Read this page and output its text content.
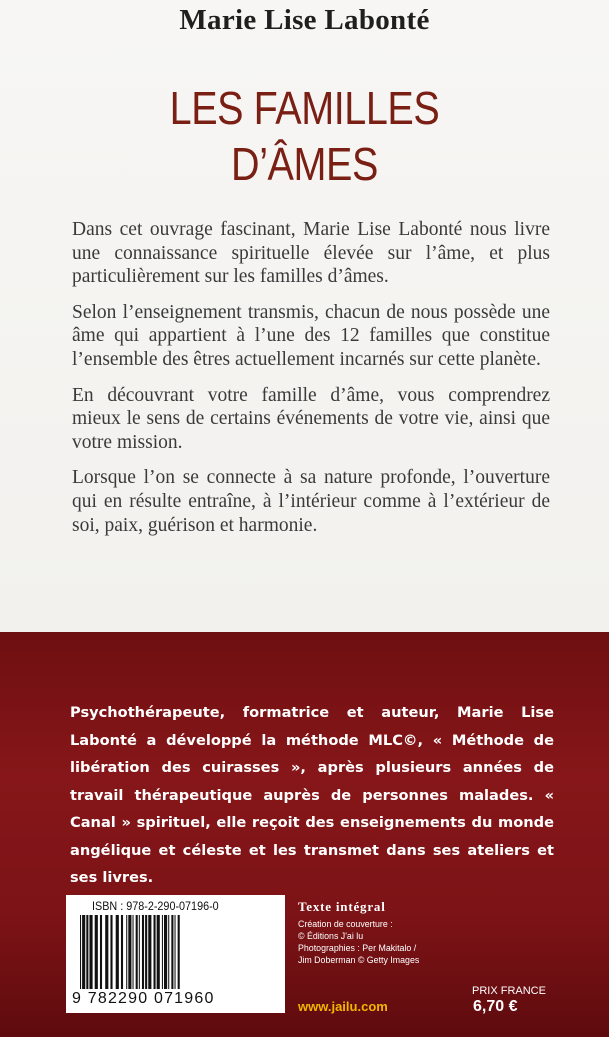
Marie Lise Labonté
LES FAMILLES
D’ÂMES

Dans cet ouvrage fascinant, Marie Lise Labonté nous livre une connaissance spirituelle élevée sur l’âme, et plus particulièrement sur les familles d’âmes.

Selon l’enseignement transmis, chacun de nous possède une âme qui appartient à l’une des 12 familles que constitue l’ensemble des êtres actuellement incarnés sur cette planète.

En découvrant votre famille d’âme, vous comprendrez mieux le sens de certains événements de votre vie, ainsi que votre mission.

Lorsque l’on se connecte à sa nature profonde, l’ouverture qui en résulte entraîne, à l’intérieur comme à l’extérieur de soi, paix, guérison et harmonie.

Psychothérapeute, formatrice et auteur, Marie Lise Labonté a développé la méthode MLC©, « Méthode de libération des cuirasses », après plusieurs années de travail thérapeutique auprès de personnes malades. « Canal » spirituel, elle reçoit des enseignements du monde angélique et céleste et les transmet dans ses ateliers et ses livres.
ISBN : 978-2-290-07196-0
9 782290 071960
Texte intégral
Création de couverture :
© Éditions J'ai lu
Photographies : Per Makitalo /
Jim Doberman © Getty Images
www.jailu.com
PRIX FRANCE
6,70 €
